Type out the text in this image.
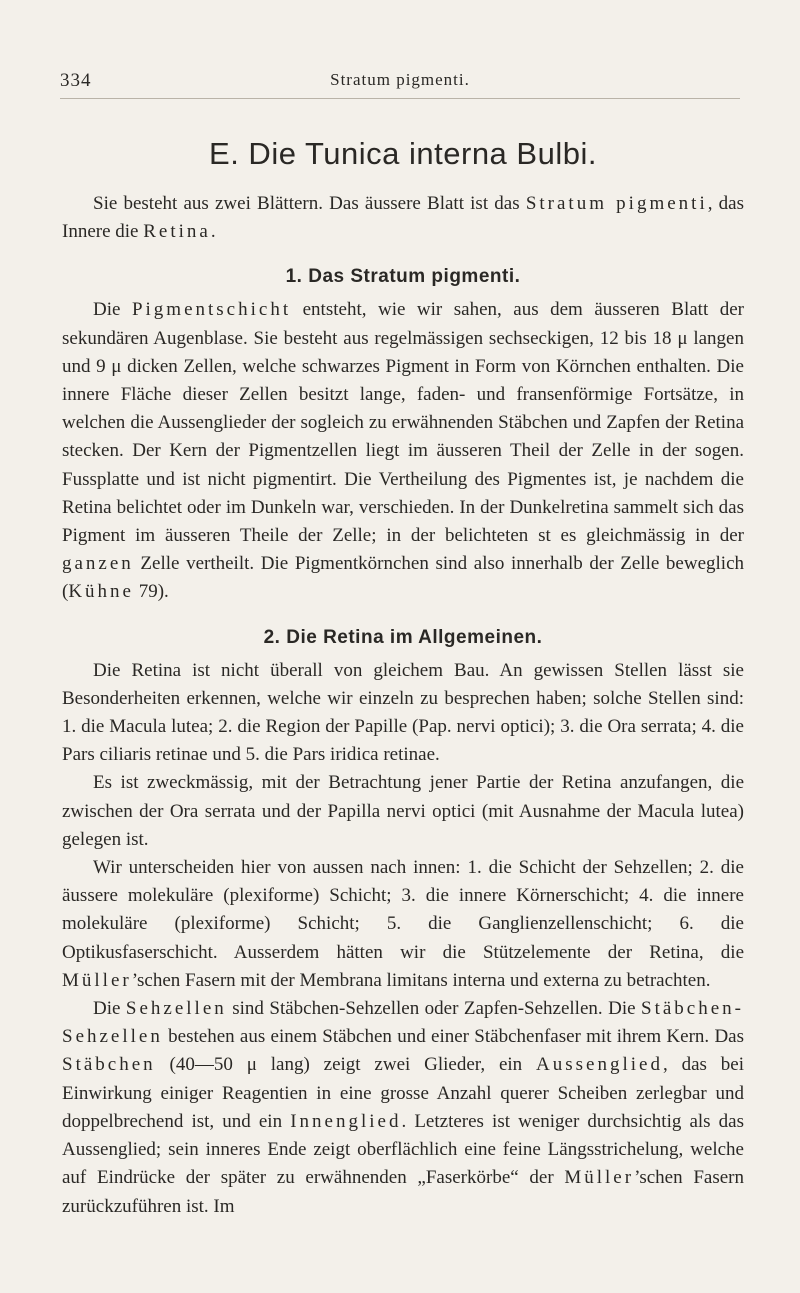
334	Stratum pigmenti.
E. Die Tunica interna Bulbi.

Sie besteht aus zwei Blättern. Das äussere Blatt ist das Stratum pigmenti, das Innere die Retina.

1. Das Stratum pigmenti.

Die Pigmentschicht entsteht, wie wir sahen, aus dem äusseren Blatt der sekundären Augenblase. Sie besteht aus regelmässigen sechseckigen, 12 bis 18 μ langen und 9 μ dicken Zellen, welche schwarzes Pigment in Form von Körnchen enthalten. Die innere Fläche dieser Zellen besitzt lange, faden- und fransenförmige Fortsätze, in welchen die Aussenglieder der sogleich zu erwähnenden Stäbchen und Zapfen der Retina stecken. Der Kern der Pigmentzellen liegt im äusseren Theil der Zelle in der sogen. Fussplatte und ist nicht pigmentirt. Die Vertheilung des Pigmentes ist, je nachdem die Retina belichtet oder im Dunkeln war, verschieden. In der Dunkelretina sammelt sich das Pigment im äusseren Theile der Zelle; in der belichteten st es gleichmässig in der ganzen Zelle vertheilt. Die Pigmentkörnchen sind also innerhalb der Zelle beweglich (Kühne 79).

2. Die Retina im Allgemeinen.

Die Retina ist nicht überall von gleichem Bau. An gewissen Stellen lässt sie Besonderheiten erkennen, welche wir einzeln zu besprechen haben; solche Stellen sind: 1. die Macula lutea; 2. die Region der Papille (Pap. nervi optici); 3. die Ora serrata; 4. die Pars ciliaris retinae und 5. die Pars iridica retinae.

Es ist zweckmässig, mit der Betrachtung jener Partie der Retina anzufangen, die zwischen der Ora serrata und der Papilla nervi optici (mit Ausnahme der Macula lutea) gelegen ist.

Wir unterscheiden hier von aussen nach innen: 1. die Schicht der Sehzellen; 2. die äussere molekuläre (plexiforme) Schicht; 3. die innere Körnerschicht; 4. die innere molekuläre (plexiforme) Schicht; 5. die Ganglienzellenschicht; 6. die Optikusfaserschicht. Ausserdem hätten wir die Stützelemente der Retina, die Müller’schen Fasern mit der Membrana limitans interna und externa zu betrachten.

Die Sehzellen sind Stäbchen-Sehzellen oder Zapfen-Sehzellen. Die Stäbchen-Sehzellen bestehen aus einem Stäbchen und einer Stäbchenfaser mit ihrem Kern. Das Stäbchen (40—50 μ lang) zeigt zwei Glieder, ein Aussenglied, das bei Einwirkung einiger Reagentien in eine grosse Anzahl querer Scheiben zerlegbar und doppelbrechend ist, und ein Innenglied. Letzteres ist weniger durchsichtig als das Aussenglied; sein inneres Ende zeigt oberflächlich eine feine Längsstrichelung, welche auf Eindrücke der später zu erwähnenden „Faserkörbe“ der Müller’schen Fasern zurückzuführen ist. Im
